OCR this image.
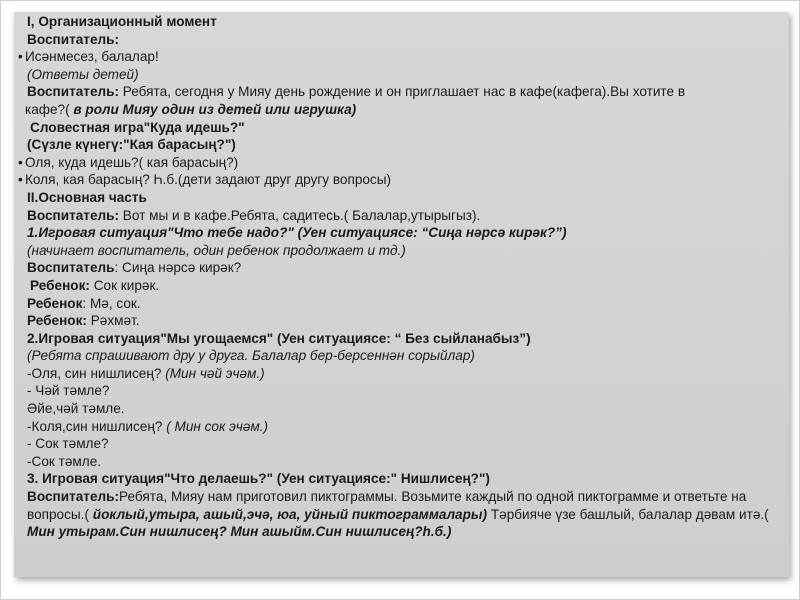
I, Организационный момент
Воспитатель:
• Исәнмесез, балалар!
(Ответы детей)
Воспитатель: Ребята, сегодня у Мияу день рождение и он приглашает нас в кафе(кафега).Вы хотите в
кафе?( в роли Мияу один из детей или игрушка)
Словестная игра"Куда идешь?"
(Сүзле күнегү:"Кая барасың?")
• Оля, куда идешь?( кая барасың?)
• Коля, кая барасың? Һ.б.(дети задают друг другу вопросы)
II.Основная часть
Воспитатель: Вот мы и в кафе.Ребята, садитесь.( Балалар,утырыгыз).
1.Игровая ситуация"Что тебе надо?" (Уен ситуациясе: “Сиңа нәрсә кирәк?”)
(начинает воспитатель, один ребенок продолжает и тд.)
Воспитатель: Сиңа нәрсә кирәк?
Ребенок: Сок кирәк.
Ребенок: Мә, сок.
Ребенок: Рәхмәт.
2.Игровая ситуация"Мы угощаемся" (Уен ситуациясе: “ Без сыйланабыз”)
(Ребята спрашивают дру у друга. Балалар бер-берсеннән сорыйлар)
-Оля, син нишлисең? (Мин чәй эчәм.)
- Чәй тәмле?
Әйе,чәй тәмле.
-Коля,син нишлисең? ( Мин сок эчәм.)
- Сок тәмле?
-Сок тәмле.
3. Игровая ситуация"Что делаешь?" (Уен ситуациясе:" Нишлисең?")
Воспитатель:Ребята, Мияу нам приготовил пиктограммы. Возьмите каждый по одной пиктограмме и ответьте на вопросы.( йоклый,утыра, ашый,эчә, юа, уйный пиктограммалары) Тәрбияче үзе башлый, балалар дәвам итә.( Мин утырам.Син нишлисең? Мин ашыйм.Син нишлисең?һ.б.)
